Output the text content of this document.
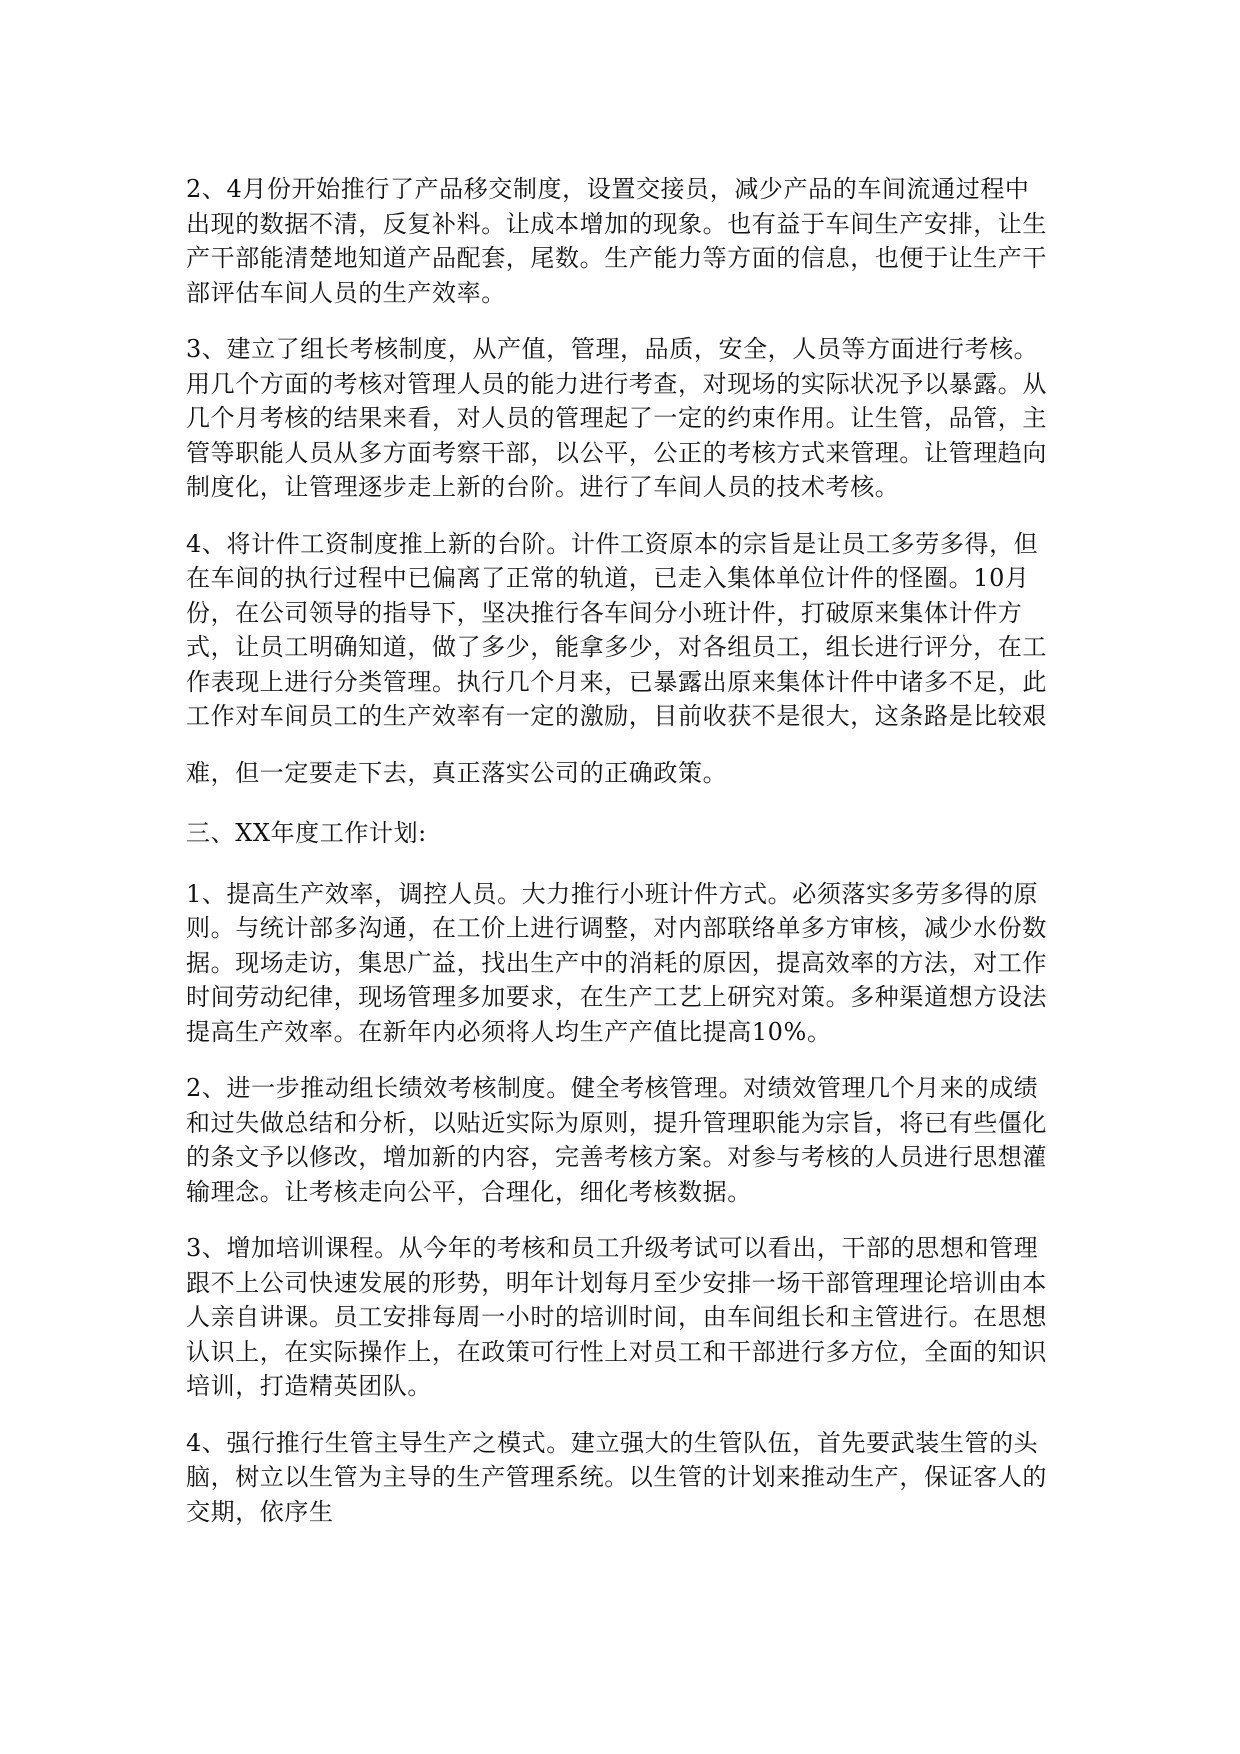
2、4月份开始推行了产品移交制度，设置交接员，减少产品的车间流通过程中出现的数据不清，反复补料。让成本增加的现象。也有益于车间生产安排，让生产干部能清楚地知道产品配套，尾数。生产能力等方面的信息，也便于让生产干部评估车间人员的生产效率。

3、建立了组长考核制度，从产值，管理，品质，安全，人员等方面进行考核。用几个方面的考核对管理人员的能力进行考查，对现场的实际状况予以暴露。从几个月考核的结果来看，对人员的管理起了一定的约束作用。让生管，品管，主管等职能人员从多方面考察干部，以公平，公正的考核方式来管理。让管理趋向制度化，让管理逐步走上新的台阶。进行了车间人员的技术考核。

4、将计件工资制度推上新的台阶。计件工资原本的宗旨是让员工多劳多得，但在车间的执行过程中已偏离了正常的轨道，已走入集体单位计件的怪圈。10月份，在公司领导的指导下，坚决推行各车间分小班计件，打破原来集体计件方式，让员工明确知道，做了多少，能拿多少，对各组员工，组长进行评分，在工作表现上进行分类管理。执行几个月来，已暴露出原来集体计件中诸多不足，此工作对车间员工的生产效率有一定的激励，目前收获不是很大，这条路是比较艰

难，但一定要走下去，真正落实公司的正确政策。

三、XX年度工作计划:

1、提高生产效率，调控人员。大力推行小班计件方式。必须落实多劳多得的原则。与统计部多沟通，在工价上进行调整，对内部联络单多方审核，减少水份数据。现场走访，集思广益，找出生产中的消耗的原因，提高效率的方法，对工作时间劳动纪律，现场管理多加要求，在生产工艺上研究对策。多种渠道想方设法提高生产效率。在新年内必须将人均生产产值比提高10%。

2、进一步推动组长绩效考核制度。健全考核管理。对绩效管理几个月来的成绩和过失做总结和分析，以贴近实际为原则，提升管理职能为宗旨，将已有些僵化的条文予以修改，增加新的内容，完善考核方案。对参与考核的人员进行思想灌输理念。让考核走向公平，合理化，细化考核数据。

3、增加培训课程。从今年的考核和员工升级考试可以看出，干部的思想和管理跟不上公司快速发展的形势，明年计划每月至少安排一场干部管理理论培训由本人亲自讲课。员工安排每周一小时的培训时间，由车间组长和主管进行。在思想认识上，在实际操作上，在政策可行性上对员工和干部进行多方位，全面的知识培训，打造精英团队。

4、强行推行生管主导生产之模式。建立强大的生管队伍，首先要武装生管的头脑，树立以生管为主导的生产管理系统。以生管的计划来推动生产，保证客人的交期，依序生
